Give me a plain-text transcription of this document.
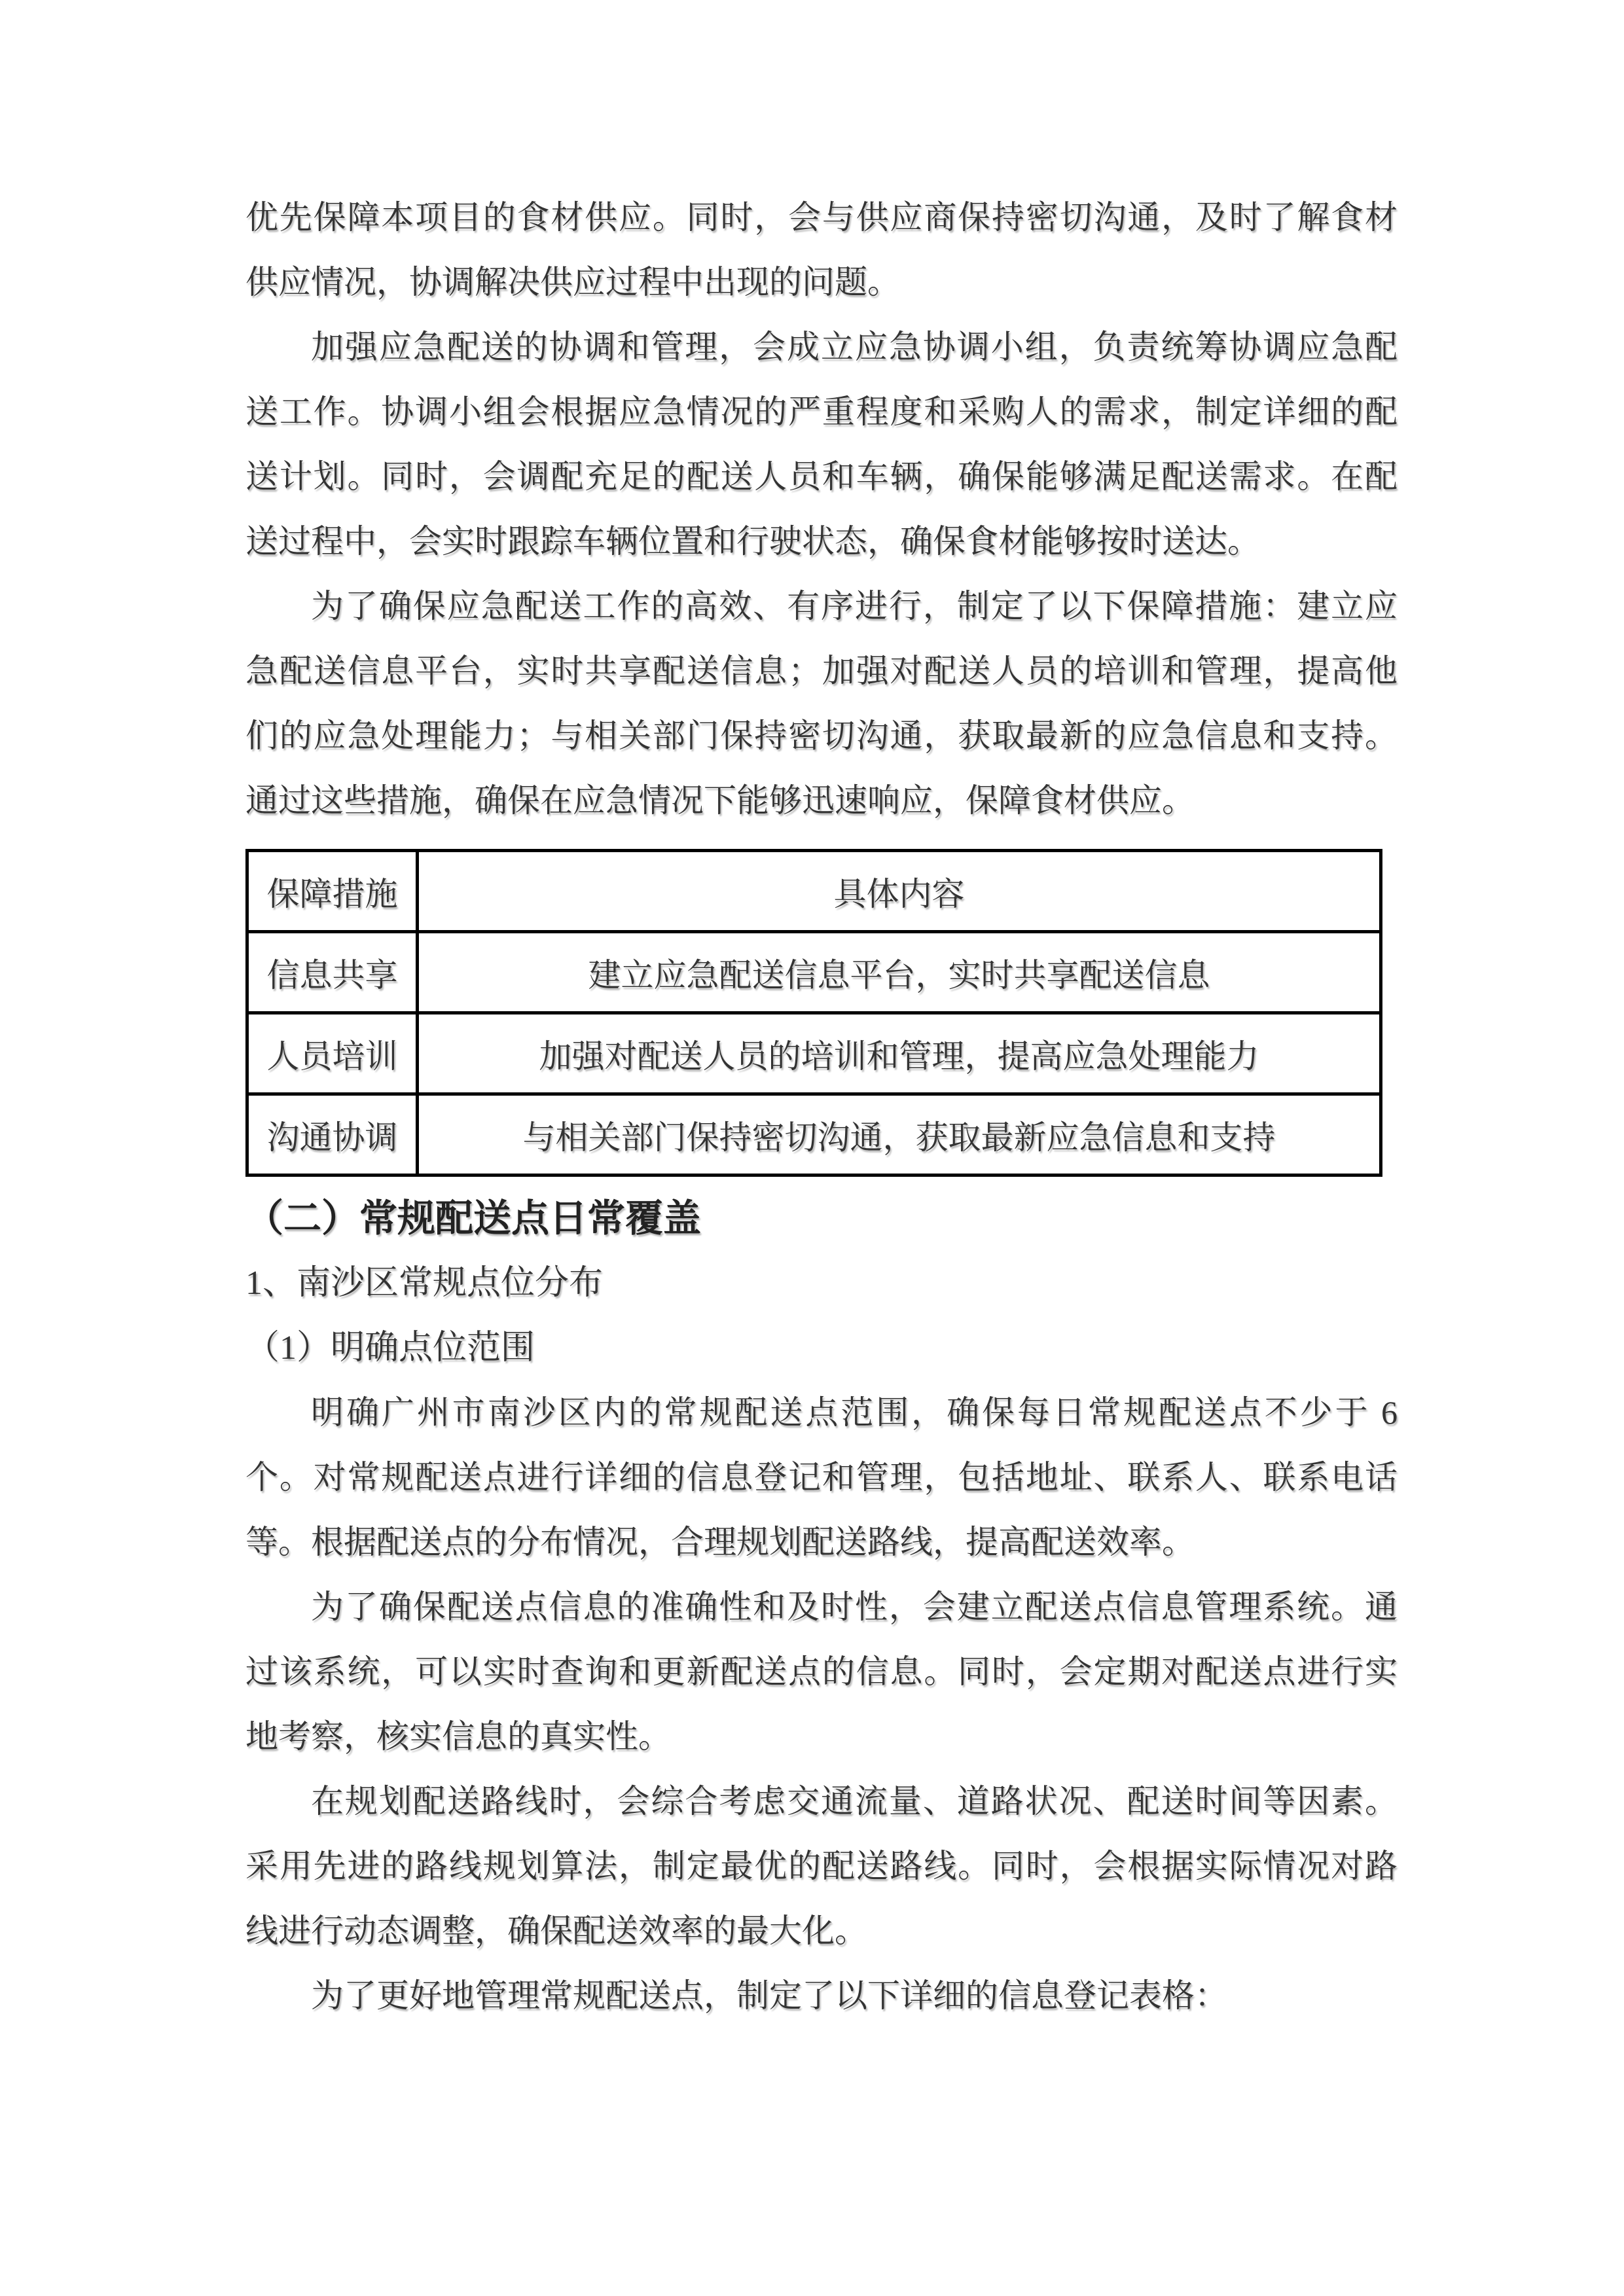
优先保障本项目的食材供应。同时，会与供应商保持密切沟通，及时了解食材
供应情况，协调解决供应过程中出现的问题。
加强应急配送的协调和管理，会成立应急协调小组，负责统筹协调应急配
送工作。协调小组会根据应急情况的严重程度和采购人的需求，制定详细的配
送计划。同时，会调配充足的配送人员和车辆，确保能够满足配送需求。在配
送过程中，会实时跟踪车辆位置和行驶状态，确保食材能够按时送达。
为了确保应急配送工作的高效、有序进行，制定了以下保障措施：建立应
急配送信息平台，实时共享配送信息；加强对配送人员的培训和管理，提高他
们的应急处理能力；与相关部门保持密切沟通，获取最新的应急信息和支持。
通过这些措施，确保在应急情况下能够迅速响应，保障食材供应。
保障措施	具体内容
信息共享	建立应急配送信息平台，实时共享配送信息
人员培训	加强对配送人员的培训和管理，提高应急处理能力
沟通协调	与相关部门保持密切沟通，获取最新应急信息和支持
（二）常规配送点日常覆盖
1、南沙区常规点位分布
（1）明确点位范围
明确广州市南沙区内的常规配送点范围，确保每日常规配送点不少于 6
个。对常规配送点进行详细的信息登记和管理，包括地址、联系人、联系电话
等。根据配送点的分布情况，合理规划配送路线，提高配送效率。
为了确保配送点信息的准确性和及时性，会建立配送点信息管理系统。通
过该系统，可以实时查询和更新配送点的信息。同时，会定期对配送点进行实
地考察，核实信息的真实性。
在规划配送路线时，会综合考虑交通流量、道路状况、配送时间等因素。
采用先进的路线规划算法，制定最优的配送路线。同时，会根据实际情况对路
线进行动态调整，确保配送效率的最大化。
为了更好地管理常规配送点，制定了以下详细的信息登记表格：
